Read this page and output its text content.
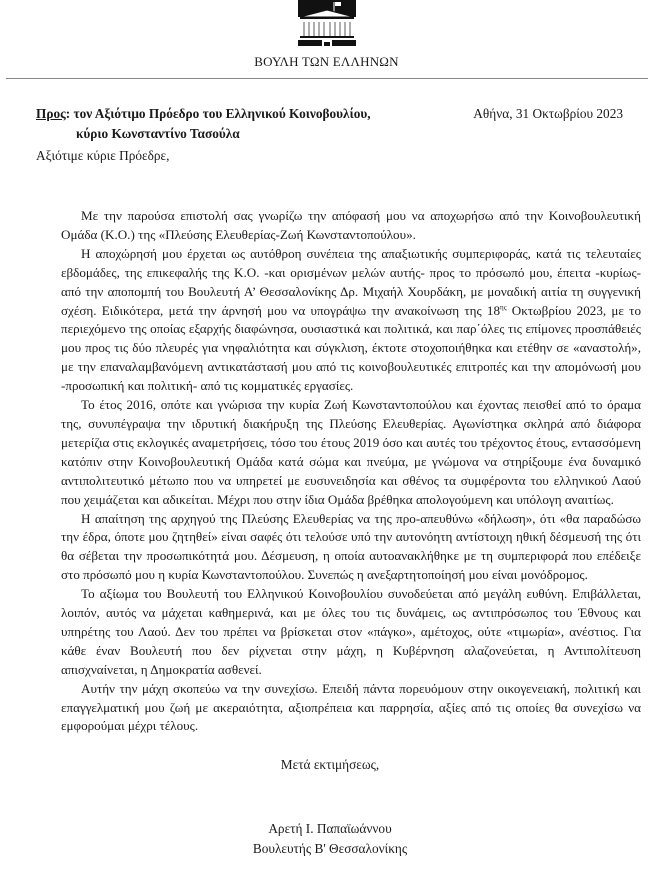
ΒΟΥΛΗ ΤΩΝ ΕΛΛΗΝΩΝ
Προς: τον Αξιότιμο Πρόεδρο του Ελληνικού Κοινοβουλίου,
κύριο Κωνσταντίνο Τασούλα
Αθήνα, 31 Οκτωβρίου 2023
Αξιότιμε κύριε Πρόεδρε,

Με την παρούσα επιστολή σας γνωρίζω την απόφασή μου να αποχωρήσω από την Κοινοβουλευτική Ομάδα (Κ.Ο.) της «Πλεύσης Ελευθερίας-Ζωή Κωνσταντοπούλου».

Η αποχώρησή μου έρχεται ως αυτόθροη συνέπεια της απαξιωτικής συμπεριφοράς, κατά τις τελευταίες εβδομάδες, της επικεφαλής της Κ.Ο. -και ορισμένων μελών αυτής- προς το πρόσωπό μου, έπειτα -κυρίως- από την αποπομπή του Βουλευτή Α’ Θεσσαλονίκης Δρ. Μιχαήλ Χουρδάκη, με μοναδική αιτία τη συγγενική σχέση. Ειδικότερα, μετά την άρνησή μου να υπογράψω την ανακοίνωση της $18^{\eta\varsigma}$ Οκτωβρίου 2023, με το περιεχόμενο της οποίας εξαρχής διαφώνησα, ουσιαστικά και πολιτικά, και παρ΄όλες τις επίμονες προσπάθειές μου προς τις δύο πλευρές για νηφαλιότητα και σύγκλιση, έκτοτε στοχοποιήθηκα και ετέθην σε «αναστολή», με την επαναλαμβανόμενη αντικατάστασή μου από τις κοινοβουλευτικές επιτροπές και την απομόνωσή μου -προσωπική και πολιτική- από τις κομματικές εργασίες.

Το έτος 2016, οπότε και γνώρισα την κυρία Ζωή Κωνσταντοπούλου και έχοντας πεισθεί από το όραμα της, συνυπέγραψα την ιδρυτική διακήρυξη της Πλεύσης Ελευθερίας. Αγωνίστηκα σκληρά από διάφορα μετερίζια στις εκλογικές αναμετρήσεις, τόσο του έτους 2019 όσο και αυτές του τρέχοντος έτους, εντασσόμενη κατόπιν στην Κοινοβουλευτική Ομάδα κατά σώμα και πνεύμα, με γνώμονα να στηρίξουμε ένα δυναμικό αντιπολιτευτικό μέτωπο που να υπηρετεί με ευσυνειδησία και σθένος τα συμφέροντα του ελληνικού Λαού που χειμάζεται και αδικείται. Μέχρι που στην ίδια Ομάδα βρέθηκα απολογούμενη και υπόλογη αναιτίως.

Η απαίτηση της αρχηγού της Πλεύσης Ελευθερίας να της προ-απευθύνω «δήλωση», ότι «θα παραδώσω την έδρα, όποτε μου ζητηθεί» είναι σαφές ότι τελούσε υπό την αυτονόητη αντίστοιχη ηθική δέσμευσή της ότι θα σέβεται την προσωπικότητά μου. Δέσμευση, η οποία αυτοανακλήθηκε με τη συμπεριφορά που επέδειξε στο πρόσωπό μου η κυρία Κωνσταντοπούλου. Συνεπώς η ανεξαρτητοποίησή μου είναι μονόδρομος.

Το αξίωμα του Βουλευτή του Ελληνικού Κοινοβουλίου συνοδεύεται από μεγάλη ευθύνη. Επιβάλλεται, λοιπόν, αυτός να μάχεται καθημερινά, και με όλες του τις δυνάμεις, ως αντιπρόσωπος του Έθνους και υπηρέτης του Λαού. Δεν του πρέπει να βρίσκεται στον «πάγκο», αμέτοχος, ούτε «τιμωρία», ανέστιος. Για κάθε έναν Βουλευτή που δεν ρίχνεται στην μάχη, η Κυβέρνηση αλαζονεύεται, η Αντιπολίτευση απισχναίνεται, η Δημοκρατία ασθενεί.

Αυτήν την μάχη σκοπεύω να την συνεχίσω. Επειδή πάντα πορευόμουν στην οικογενειακή, πολιτική και επαγγελματική μου ζωή με ακεραιότητα, αξιοπρέπεια και παρρησία, αξίες από τις οποίες θα συνεχίσω να εμφορούμαι μέχρι τέλους.

Μετά εκτιμήσεως,
Αρετή Ι. Παπαϊωάννου
Βουλευτής Β' Θεσσαλονίκης
